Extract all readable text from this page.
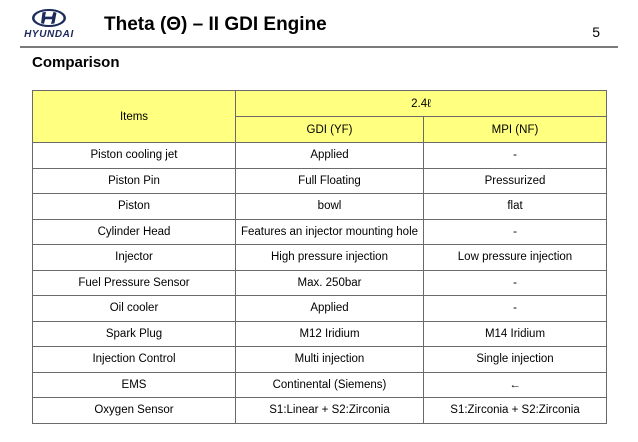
HYUNDAI Theta (Θ) – II GDI Engine	5
Comparison
Items	2.4ℓ	
	GDI (YF)	MPI (NF)
Piston cooling jet	Applied	-
Piston Pin	Full Floating	Pressurized
Piston	bowl	flat
Cylinder Head	Features an injector mounting hole	-
Injector	High pressure injection	Low pressure injection
Fuel Pressure Sensor	Max. 250bar	-
Oil cooler	Applied	-
Spark Plug	M12 Iridium	M14 Iridium
Injection Control	Multi injection	Single injection
EMS	Continental (Siemens)	←
Oxygen Sensor	S1:Linear + S2:Zirconia	S1:Zirconia + S2:Zirconia
